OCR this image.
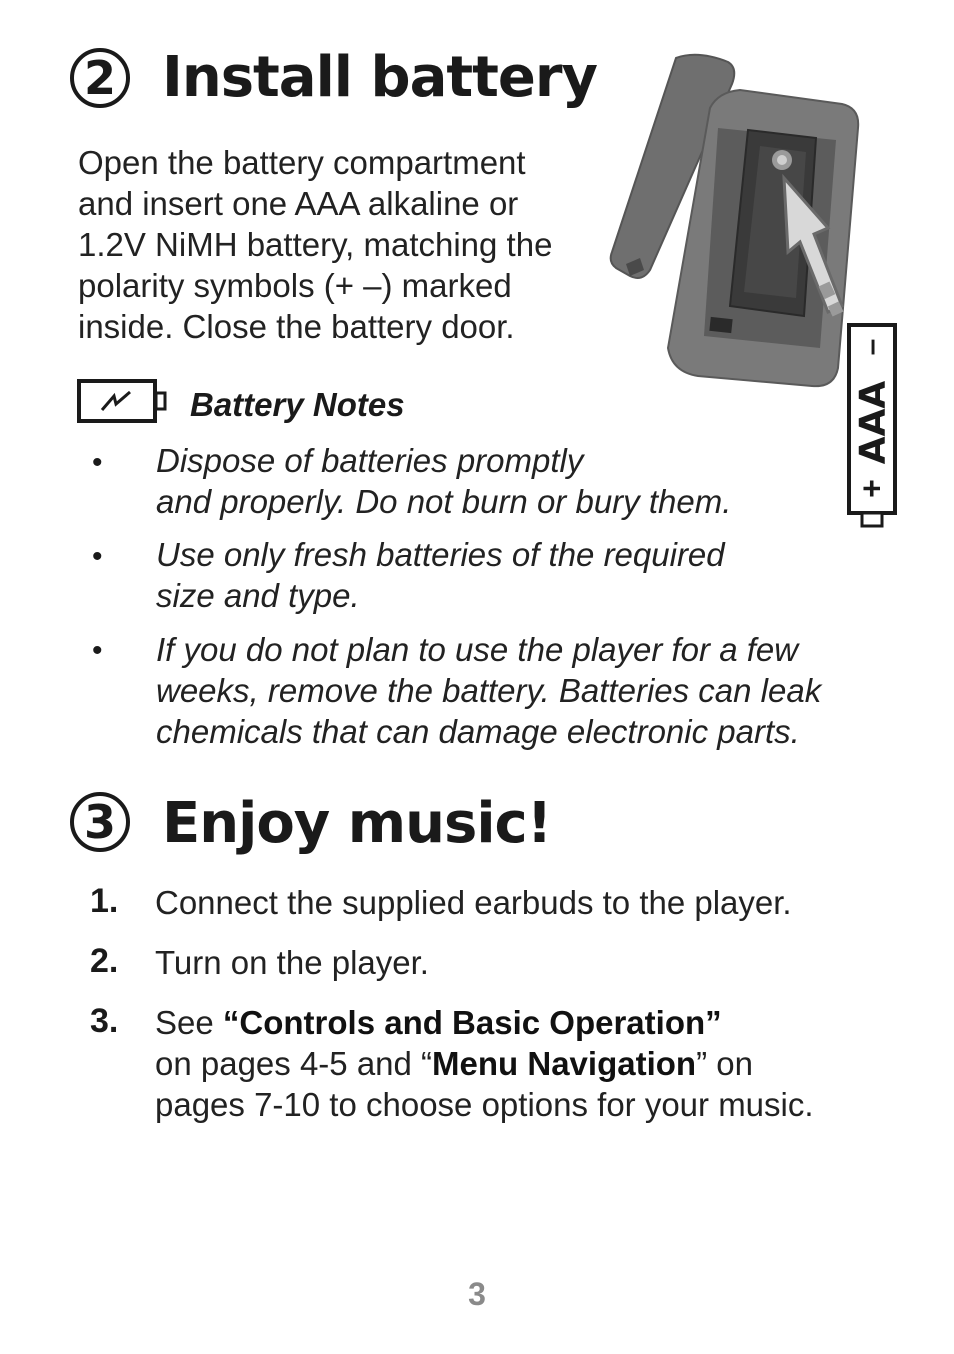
2 Install battery
Open the battery compartment
and insert one AAA alkaline or
1.2V NiMH battery, matching the
polarity symbols (+ –) marked
inside. Close the battery door.
–
AAA
+
Battery Notes
• Dispose of batteries promptly
and properly. Do not burn or bury them.
• Use only fresh batteries of the required
size and type.
• If you do not plan to use the player for a few
weeks, remove the battery. Batteries can leak
chemicals that can damage electronic parts.
3 Enjoy music!
1. Connect the supplied earbuds to the player.
2. Turn on the player.
3. See “Controls and Basic Operation”
on pages 4-5 and “Menu Navigation” on
pages 7-10 to choose options for your music.
3
